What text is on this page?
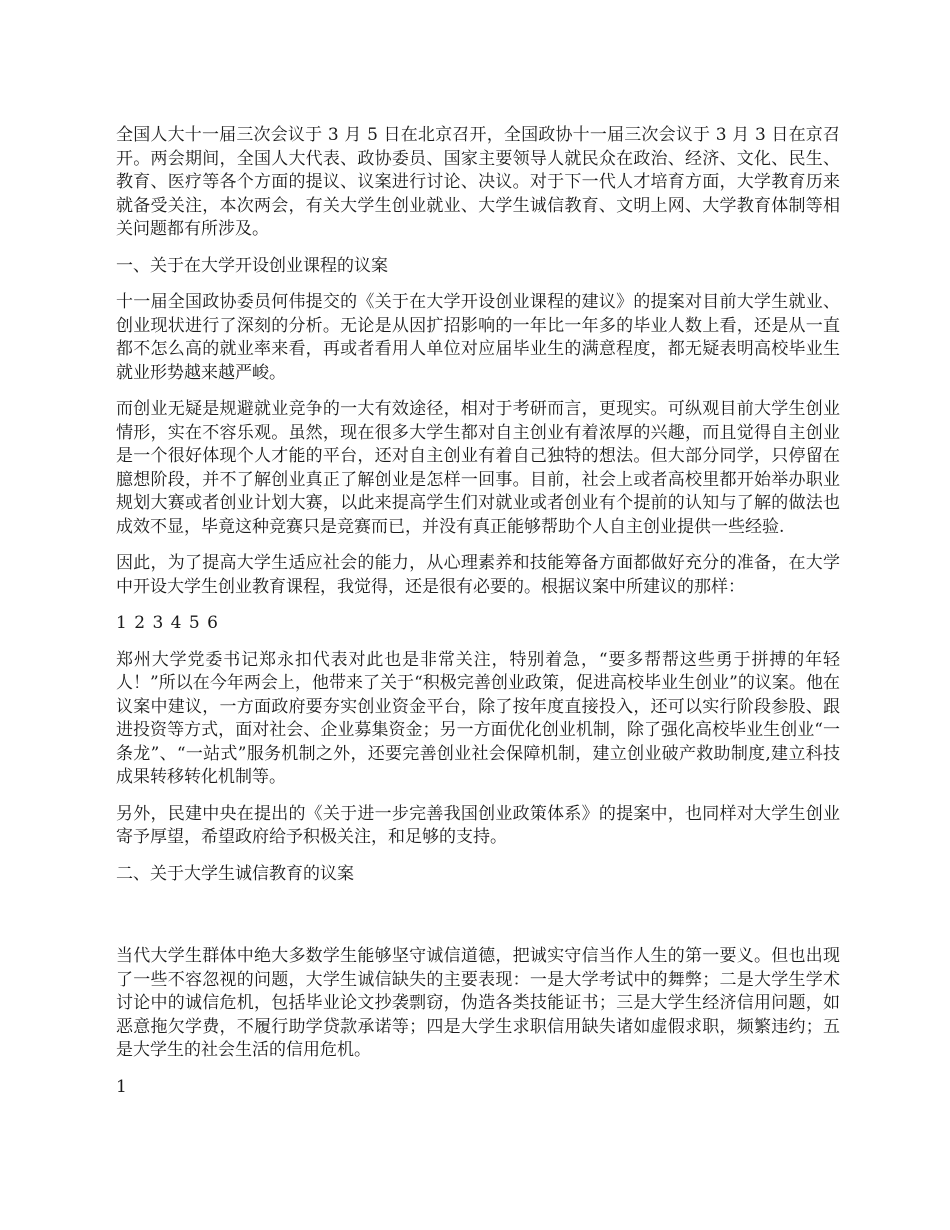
全国人大十一届三次会议于 3 月 5 日在北京召开，全国政协十一届三次会议于 3 月 3 日在京召开。两会期间，全国人大代表、政协委员、国家主要领导人就民众在政治、经济、文化、民生、教育、医疗等各个方面的提议、议案进行讨论、决议。对于下一代人才培育方面，大学教育历来就备受关注，本次两会，有关大学生创业就业、大学生诚信教育、文明上网、大学教育体制等相关问题都有所涉及。

一、关于在大学开设创业课程的议案

十一届全国政协委员何伟提交的《关于在大学开设创业课程的建议》的提案对目前大学生就业、创业现状进行了深刻的分析。无论是从因扩招影响的一年比一年多的毕业人数上看，还是从一直都不怎么高的就业率来看，再或者看用人单位对应届毕业生的满意程度，都无疑表明高校毕业生就业形势越来越严峻。

而创业无疑是规避就业竞争的一大有效途径，相对于考研而言，更现实。可纵观目前大学生创业情形，实在不容乐观。虽然，现在很多大学生都对自主创业有着浓厚的兴趣，而且觉得自主创业是一个很好体现个人才能的平台，还对自主创业有着自己独特的想法。但大部分同学，只停留在臆想阶段，并不了解创业真正了解创业是怎样一回事。目前，社会上或者高校里都开始举办职业规划大赛或者创业计划大赛，以此来提高学生们对就业或者创业有个提前的认知与了解的做法也成效不显，毕竟这种竞赛只是竞赛而已，并没有真正能够帮助个人自主创业提供一些经验.

因此，为了提高大学生适应社会的能力，从心理素养和技能筹备方面都做好充分的准备，在大学中开设大学生创业教育课程，我觉得，还是很有必要的。根据议案中所建议的那样：

1 2 3 4 5 6

郑州大学党委书记郑永扣代表对此也是非常关注，特别着急，“要多帮帮这些勇于拼搏的年轻人！”所以在今年两会上，他带来了关于“积极完善创业政策，促进高校毕业生创业”的议案。他在议案中建议，一方面政府要夯实创业资金平台，除了按年度直接投入，还可以实行阶段参股、跟进投资等方式，面对社会、企业募集资金；另一方面优化创业机制，除了强化高校毕业生创业“一条龙”、“一站式”服务机制之外，还要完善创业社会保障机制，建立创业破产救助制度,建立科技成果转移转化机制等。

另外，民建中央在提出的《关于进一步完善我国创业政策体系》的提案中，也同样对大学生创业寄予厚望，希望政府给予积极关注，和足够的支持。

二、关于大学生诚信教育的议案

当代大学生群体中绝大多数学生能够坚守诚信道德，把诚实守信当作人生的第一要义。但也出现了一些不容忽视的问题，大学生诚信缺失的主要表现：一是大学考试中的舞弊；二是大学生学术讨论中的诚信危机，包括毕业论文抄袭剽窃，伪造各类技能证书；三是大学生经济信用问题，如恶意拖欠学费，不履行助学贷款承诺等；四是大学生求职信用缺失诸如虚假求职，频繁违约；五是大学生的社会生活的信用危机。

1
